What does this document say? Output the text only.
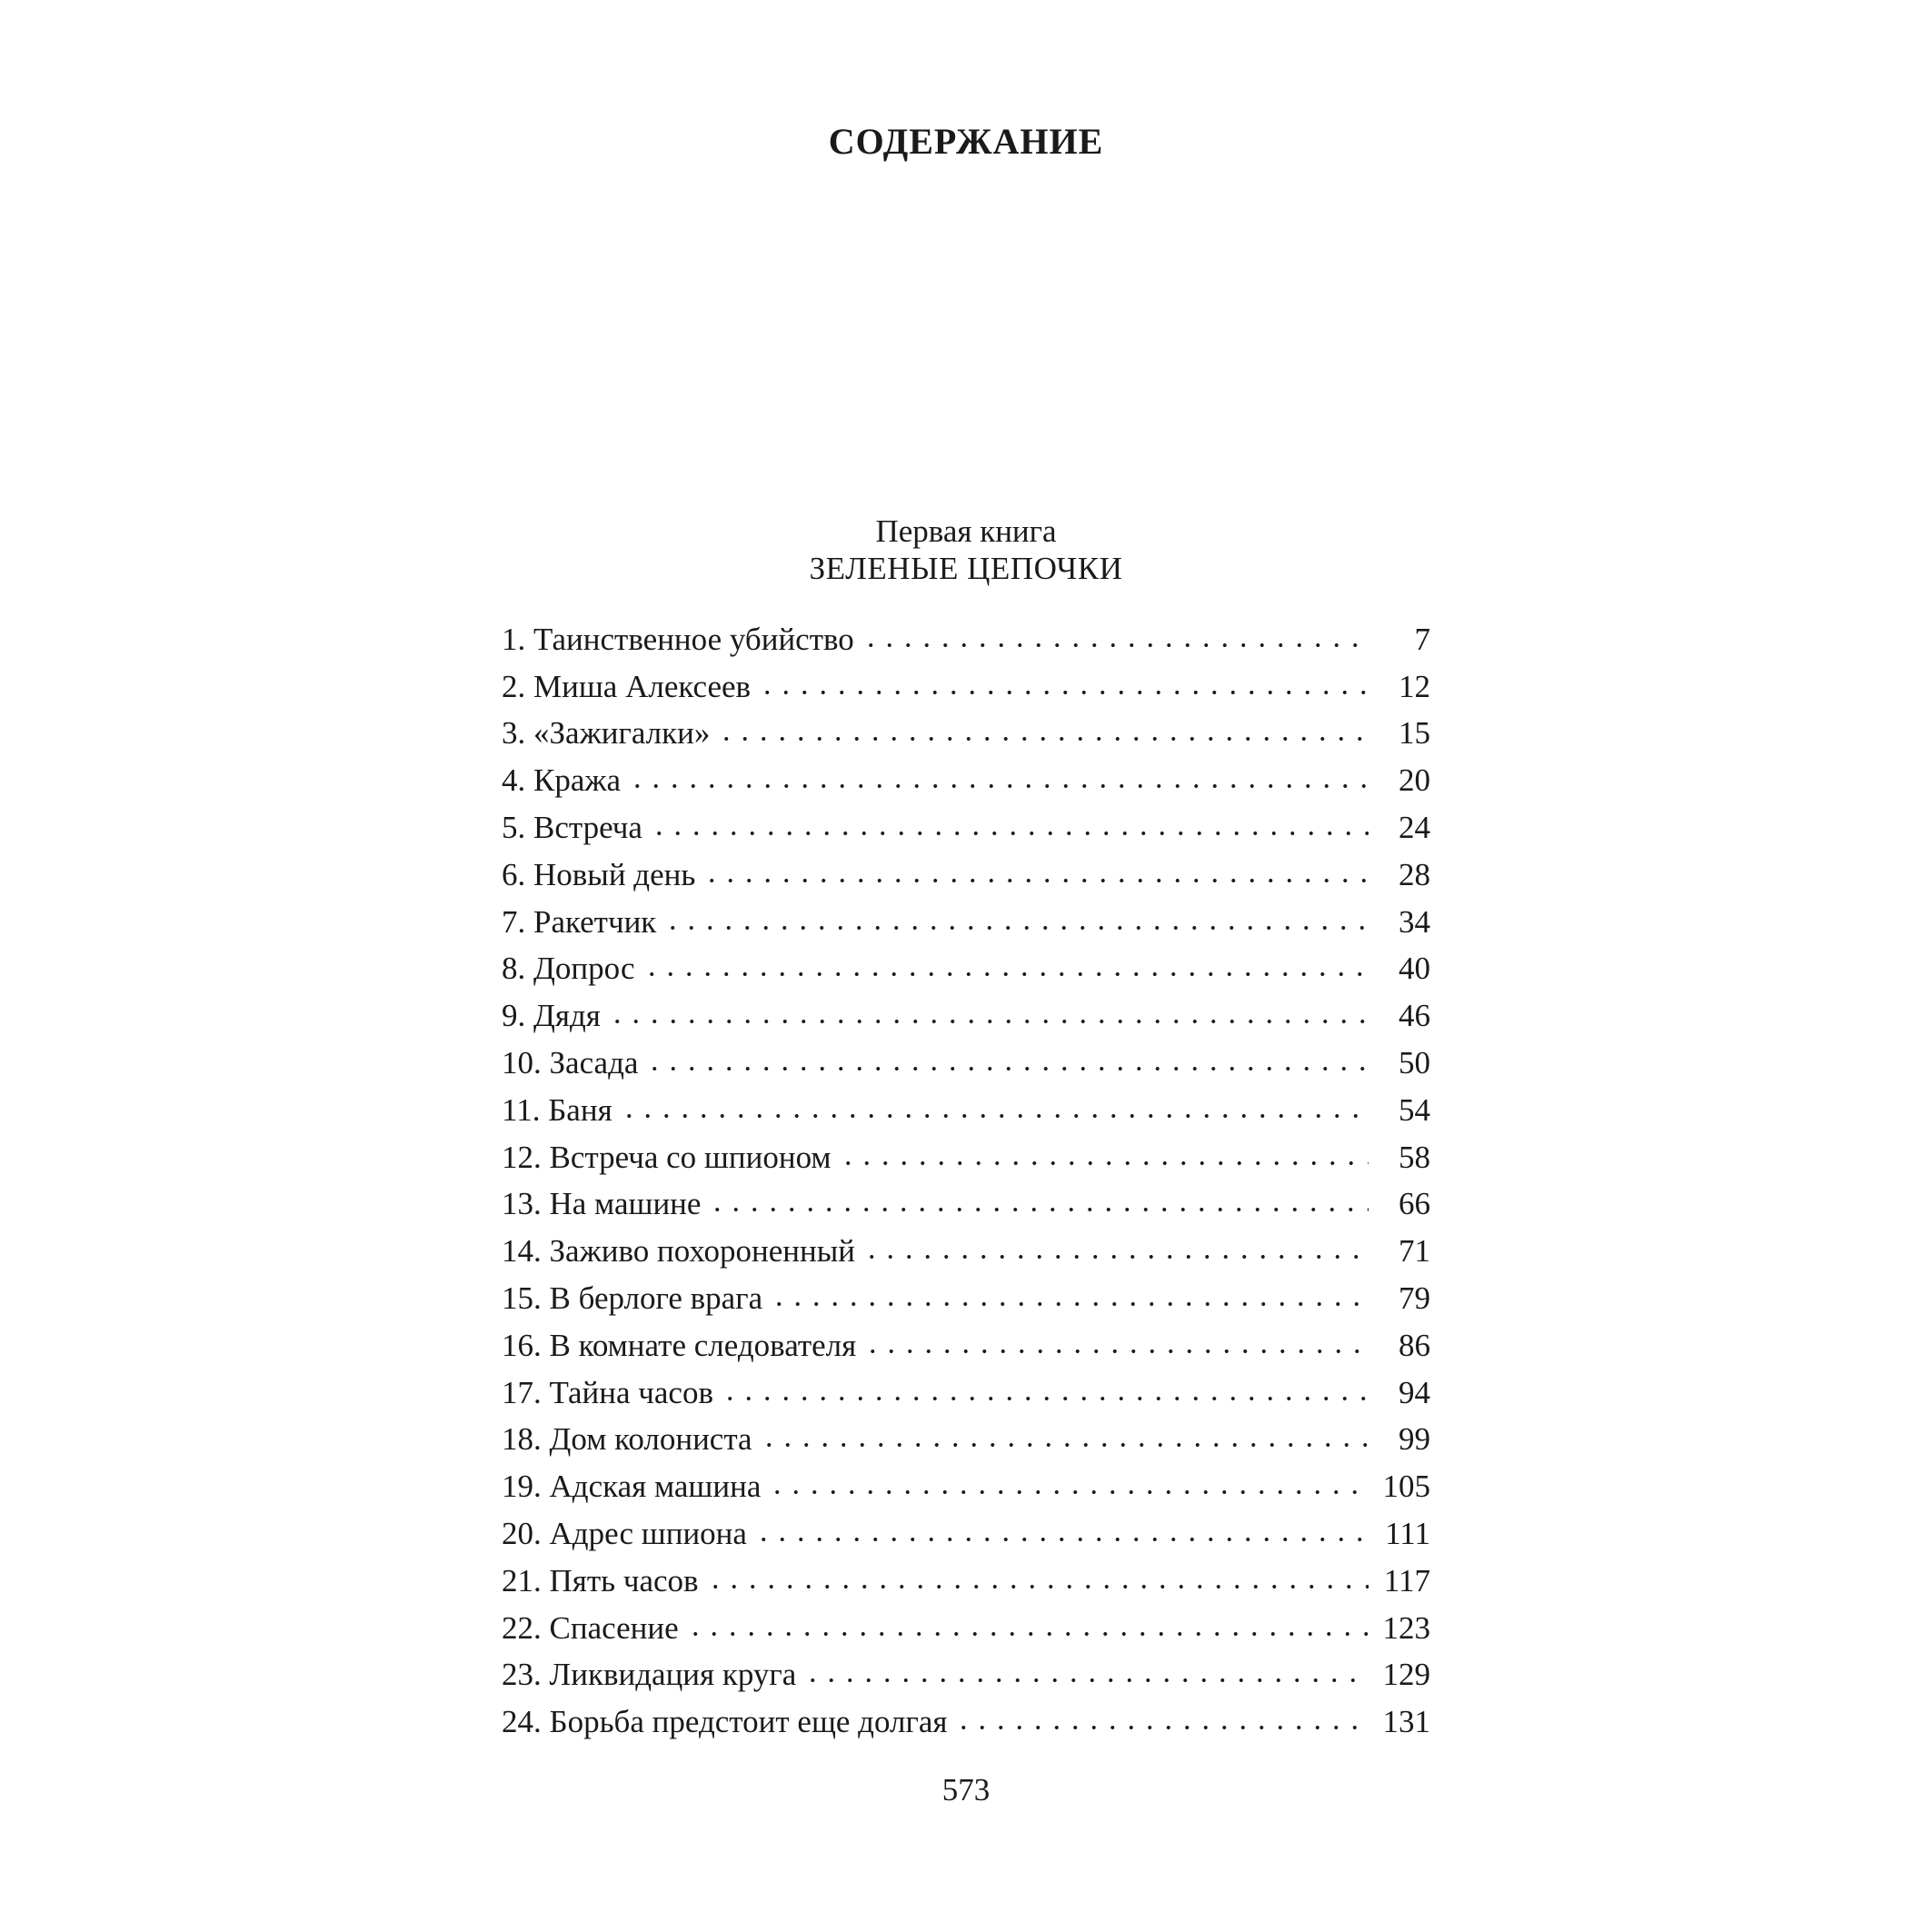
СОДЕРЖАНИЕ
Первая книга
ЗЕЛЕНЫЕ ЦЕПОЧКИ
1. Таинственное убийство	7
2. Миша Алексеев	12
3. «Зажигалки»	15
4. Кража	20
5. Встреча	24
6. Новый день	28
7. Ракетчик	34
8. Допрос	40
9. Дядя	46
10. Засада	50
11. Баня	54
12. Встреча со шпионом	58
13. На машине	66
14. Заживо похороненный	71
15. В берлоге врага	79
16. В комнате следователя	86
17. Тайна часов	94
18. Дом колониста	99
19. Адская машина	105
20. Адрес шпиона	111
21. Пять часов	117
22. Спасение	123
23. Ликвидация круга	129
24. Борьба предстоит еще долгая	131
573
